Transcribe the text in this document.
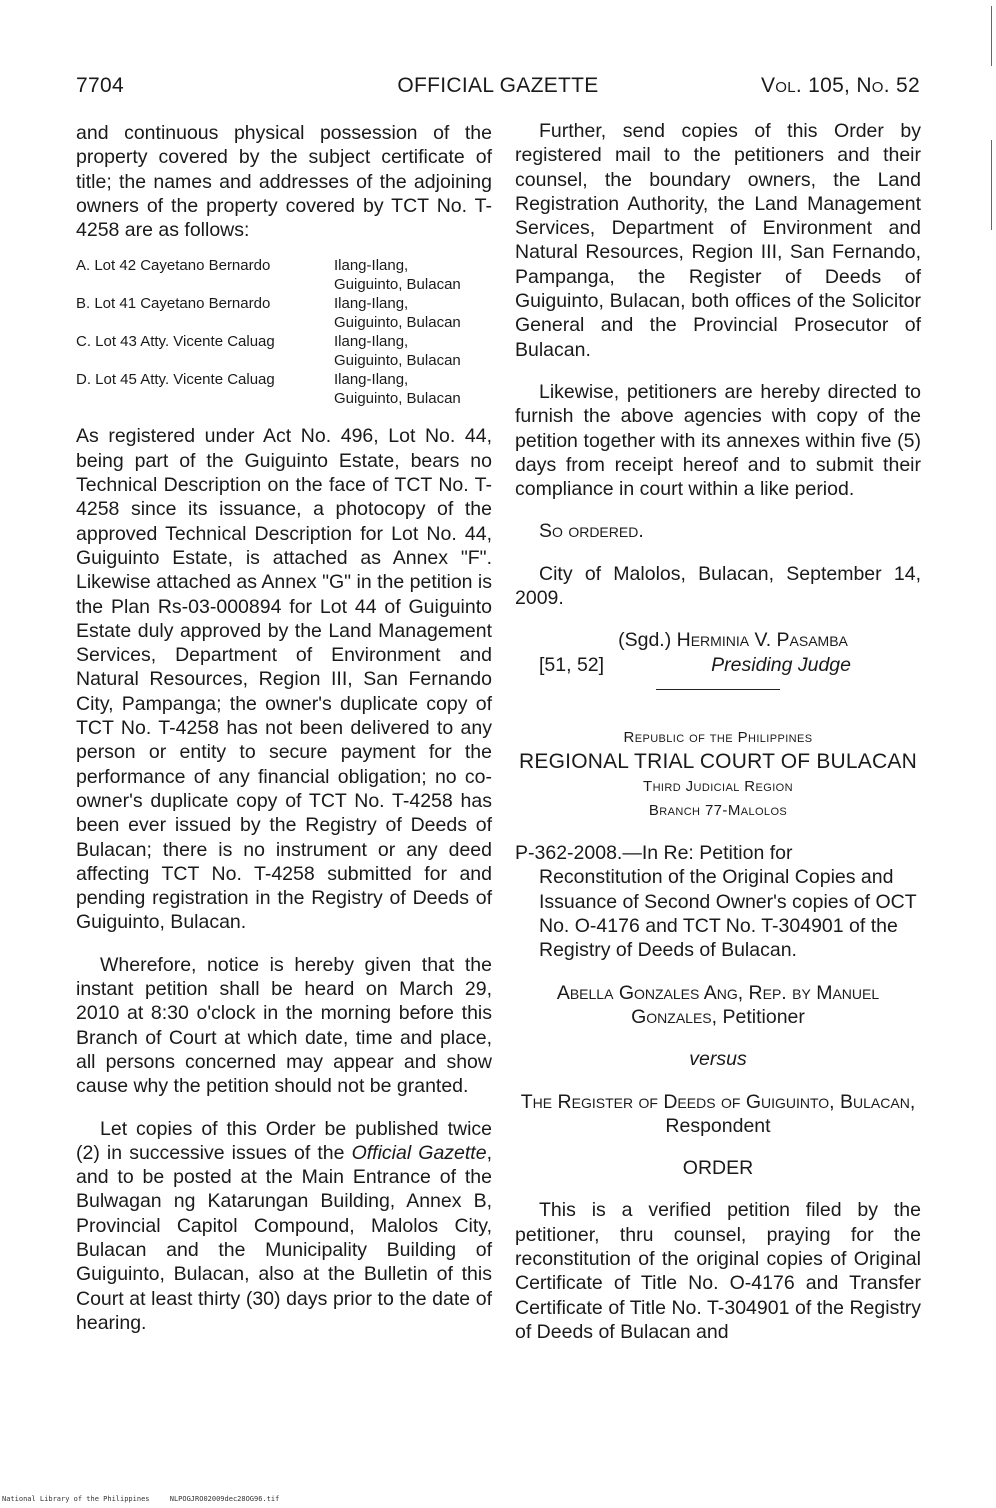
7704	OFFICIAL GAZETTE	Vol. 105, No. 52

and continuous physical possession of the property covered by the subject certificate of title; the names and addresses of the adjoining owners of the property covered by TCT No. T-4258 are as follows:

A. Lot 42 Cayetano Bernardo	Ilang-Ilang,
Guiguinto, Bulacan
B. Lot 41 Cayetano Bernardo	Ilang-Ilang,
Guiguinto, Bulacan
C. Lot 43 Atty. Vicente Caluag	Ilang-Ilang,
Guiguinto, Bulacan
D. Lot 45 Atty. Vicente Caluag	Ilang-Ilang,
Guiguinto, Bulacan

As registered under Act No. 496, Lot No. 44, being part of the Guiguinto Estate, bears no Technical Description on the face of TCT No. T-4258 since its issuance, a photocopy of the approved Technical Description for Lot No. 44, Guiguinto Estate, is attached as Annex "F". Likewise attached as Annex "G" in the petition is the Plan Rs-03-000894 for Lot 44 of Guiguinto Estate duly approved by the Land Management Services, Department of Environment and Natural Resources, Region III, San Fernando City, Pampanga; the owner's duplicate copy of TCT No. T-4258 has not been delivered to any person or entity to secure payment for the performance of any financial obligation; no co-owner's duplicate copy of TCT No. T-4258 has been ever issued by the Registry of Deeds of Bulacan; there is no instrument or any deed affecting TCT No. T-4258 submitted for and pending registration in the Registry of Deeds of Guiguinto, Bulacan.

Wherefore, notice is hereby given that the instant petition shall be heard on March 29, 2010 at 8:30 o'clock in the morning before this Branch of Court at which date, time and place, all persons concerned may appear and show cause why the petition should not be granted.

Let copies of this Order be published twice (2) in successive issues of the Official Gazette, and to be posted at the Main Entrance of the Bulwagan ng Katarungan Building, Annex B, Provincial Capitol Compound, Malolos City, Bulacan and the Municipality Building of Guiguinto, Bulacan, also at the Bulletin of this Court at least thirty (30) days prior to the date of hearing.

Further, send copies of this Order by registered mail to the petitioners and their counsel, the boundary owners, the Land Registration Authority, the Land Management Services, Department of Environment and Natural Resources, Region III, San Fernando, Pampanga, the Register of Deeds of Guiguinto, Bulacan, both offices of the Solicitor General and the Provincial Prosecutor of Bulacan.

Likewise, petitioners are hereby directed to furnish the above agencies with copy of the petition together with its annexes within five (5) days from receipt hereof and to submit their compliance in court within a like period.

So ordered.

City of Malolos, Bulacan, September 14, 2009.

(Sgd.) Herminia V. Pasamba
[51, 52]	Presiding Judge
Republic of the Philippines
REGIONAL TRIAL COURT OF BULACAN
Third Judicial Region
Branch 77-Malolos

P-362-2008.—In Re: Petition for Reconstitution of the Original Copies and Issuance of Second Owner's copies of OCT No. O-4176 and TCT No. T-304901 of the Registry of Deeds of Bulacan.

Abella Gonzales Ang, Rep. by Manuel Gonzales, Petitioner
versus
The Register of Deeds of Guiguinto, Bulacan, Respondent
ORDER

This is a verified petition filed by the petitioner, thru counsel, praying for the reconstitution of the original copies of Original Certificate of Title No. O-4176 and Transfer Certificate of Title No. T-304901 of the Registry of Deeds of Bulacan and

National Library of the Philippines	NLPOGJRO02009dec28OG96.tif
